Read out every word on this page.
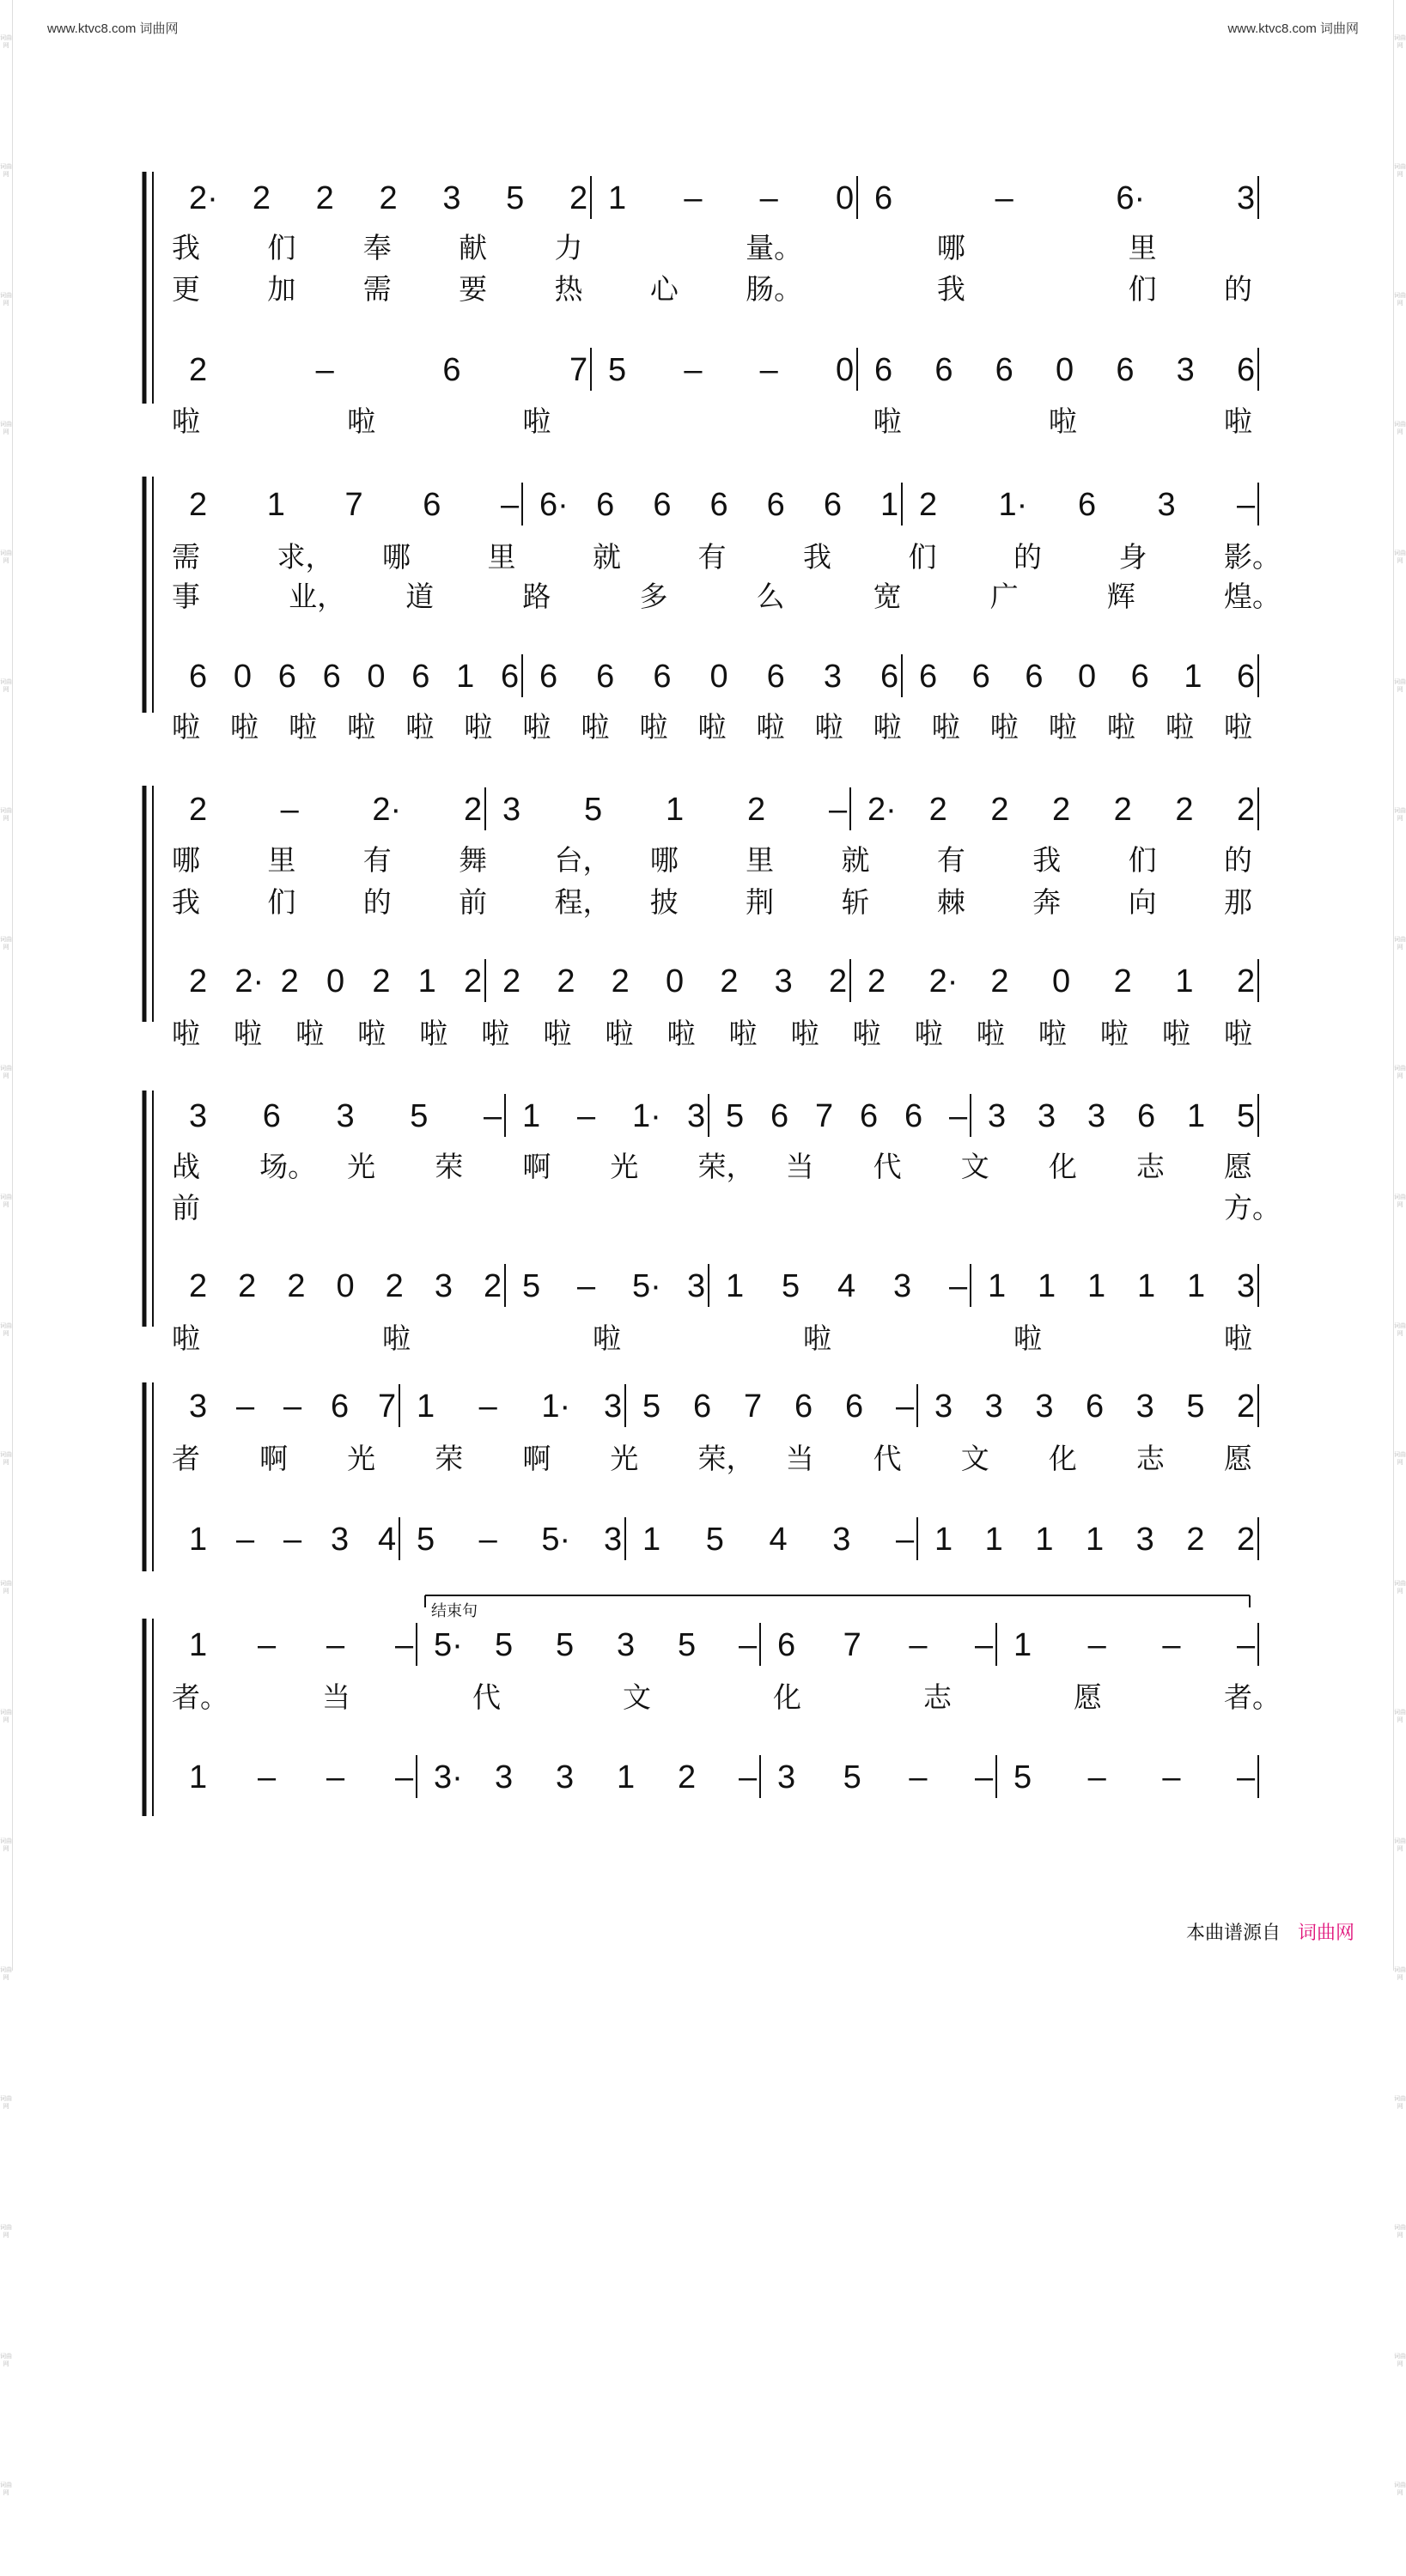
www.ktvc8.com 词曲网	www.ktvc8.com 词曲网
词曲网
词曲网
词曲网
词曲网
词曲网
词曲网
词曲网
词曲网
词曲网
词曲网
词曲网
词曲网
词曲网
词曲网
词曲网
词曲网
词曲网
词曲网
词曲网
词曲网
词曲网
词曲网
词曲网
词曲网
词曲网
词曲网
词曲网
词曲网
词曲网
词曲网
词曲网
词曲网
词曲网
词曲网
词曲网
词曲网
词曲网
词曲网
词曲网
词曲网
2· 2 2 2 3 5 2 1 – – 0 6	–	6·	3
2	–	6	7 5 – – 0 6 6 6 0 6 3 6
我 们 奉 献 力	量。	哪	里
更 加 需 要 热 心 肠。	我	们 的
啦	啦	啦	啦	啦	啦
2 1 7 6 – 6· 6 6 6 6 6 1 2 1· 6 3 –
6 0 6 6 0 6 1 6 6 6 6 0 6 3 6 6 6 6 0 6 1 6
需	求， 哪	里	就	有	我	们	的	身	影。
事	业， 道	路	多	么	宽	广	辉	煌。
啦 啦 啦 啦 啦 啦 啦 啦 啦 啦 啦 啦 啦 啦 啦 啦 啦 啦 啦
2 – 2· 2 3 5 1 2 – 2· 2 2 2 2 2 2
2 2· 2 0 2 1 2 2 2 2 0 2 3 2 2 2· 2 0 2 1 2
哪 里 有 舞 台， 哪 里 就 有 我 们 的
我 们 的 前 程， 披 荆 斩 棘 奔 向 那
啦 啦 啦 啦 啦 啦 啦 啦 啦 啦 啦 啦 啦 啦 啦 啦 啦 啦
3 6 3 5 – 1 – 1· 3 5 6 7 6 6 – 3 3 3 6 1 5
2 2 2 0 2 3 2 5 – 5· 3 1 5 4 3 – 1 1 1 1 1 3
战 场。 光 荣 啊 光 荣， 当 代 文 化 志 愿
前	方。
啦	啦	啦	啦	啦	啦
3 – – 6 7 1 – 1· 3 5 6 7 6 6 – 3 3 3 6 3 5 2
1 – – 3 4 5 – 5· 3 1 5 4 3 – 1 1 1 1 3 2 2
者 啊 光 荣 啊 光 荣， 当 代 文 化 志 愿
1 – – – 5· 5 5 3 5 – 6 7 – – 1 – – –
1 – – – 3· 3 3 1 2 – 3 5 – – 5 – – –
者。	当	代	文	化	志	愿	者。
结束句
本曲谱源自 词曲网
